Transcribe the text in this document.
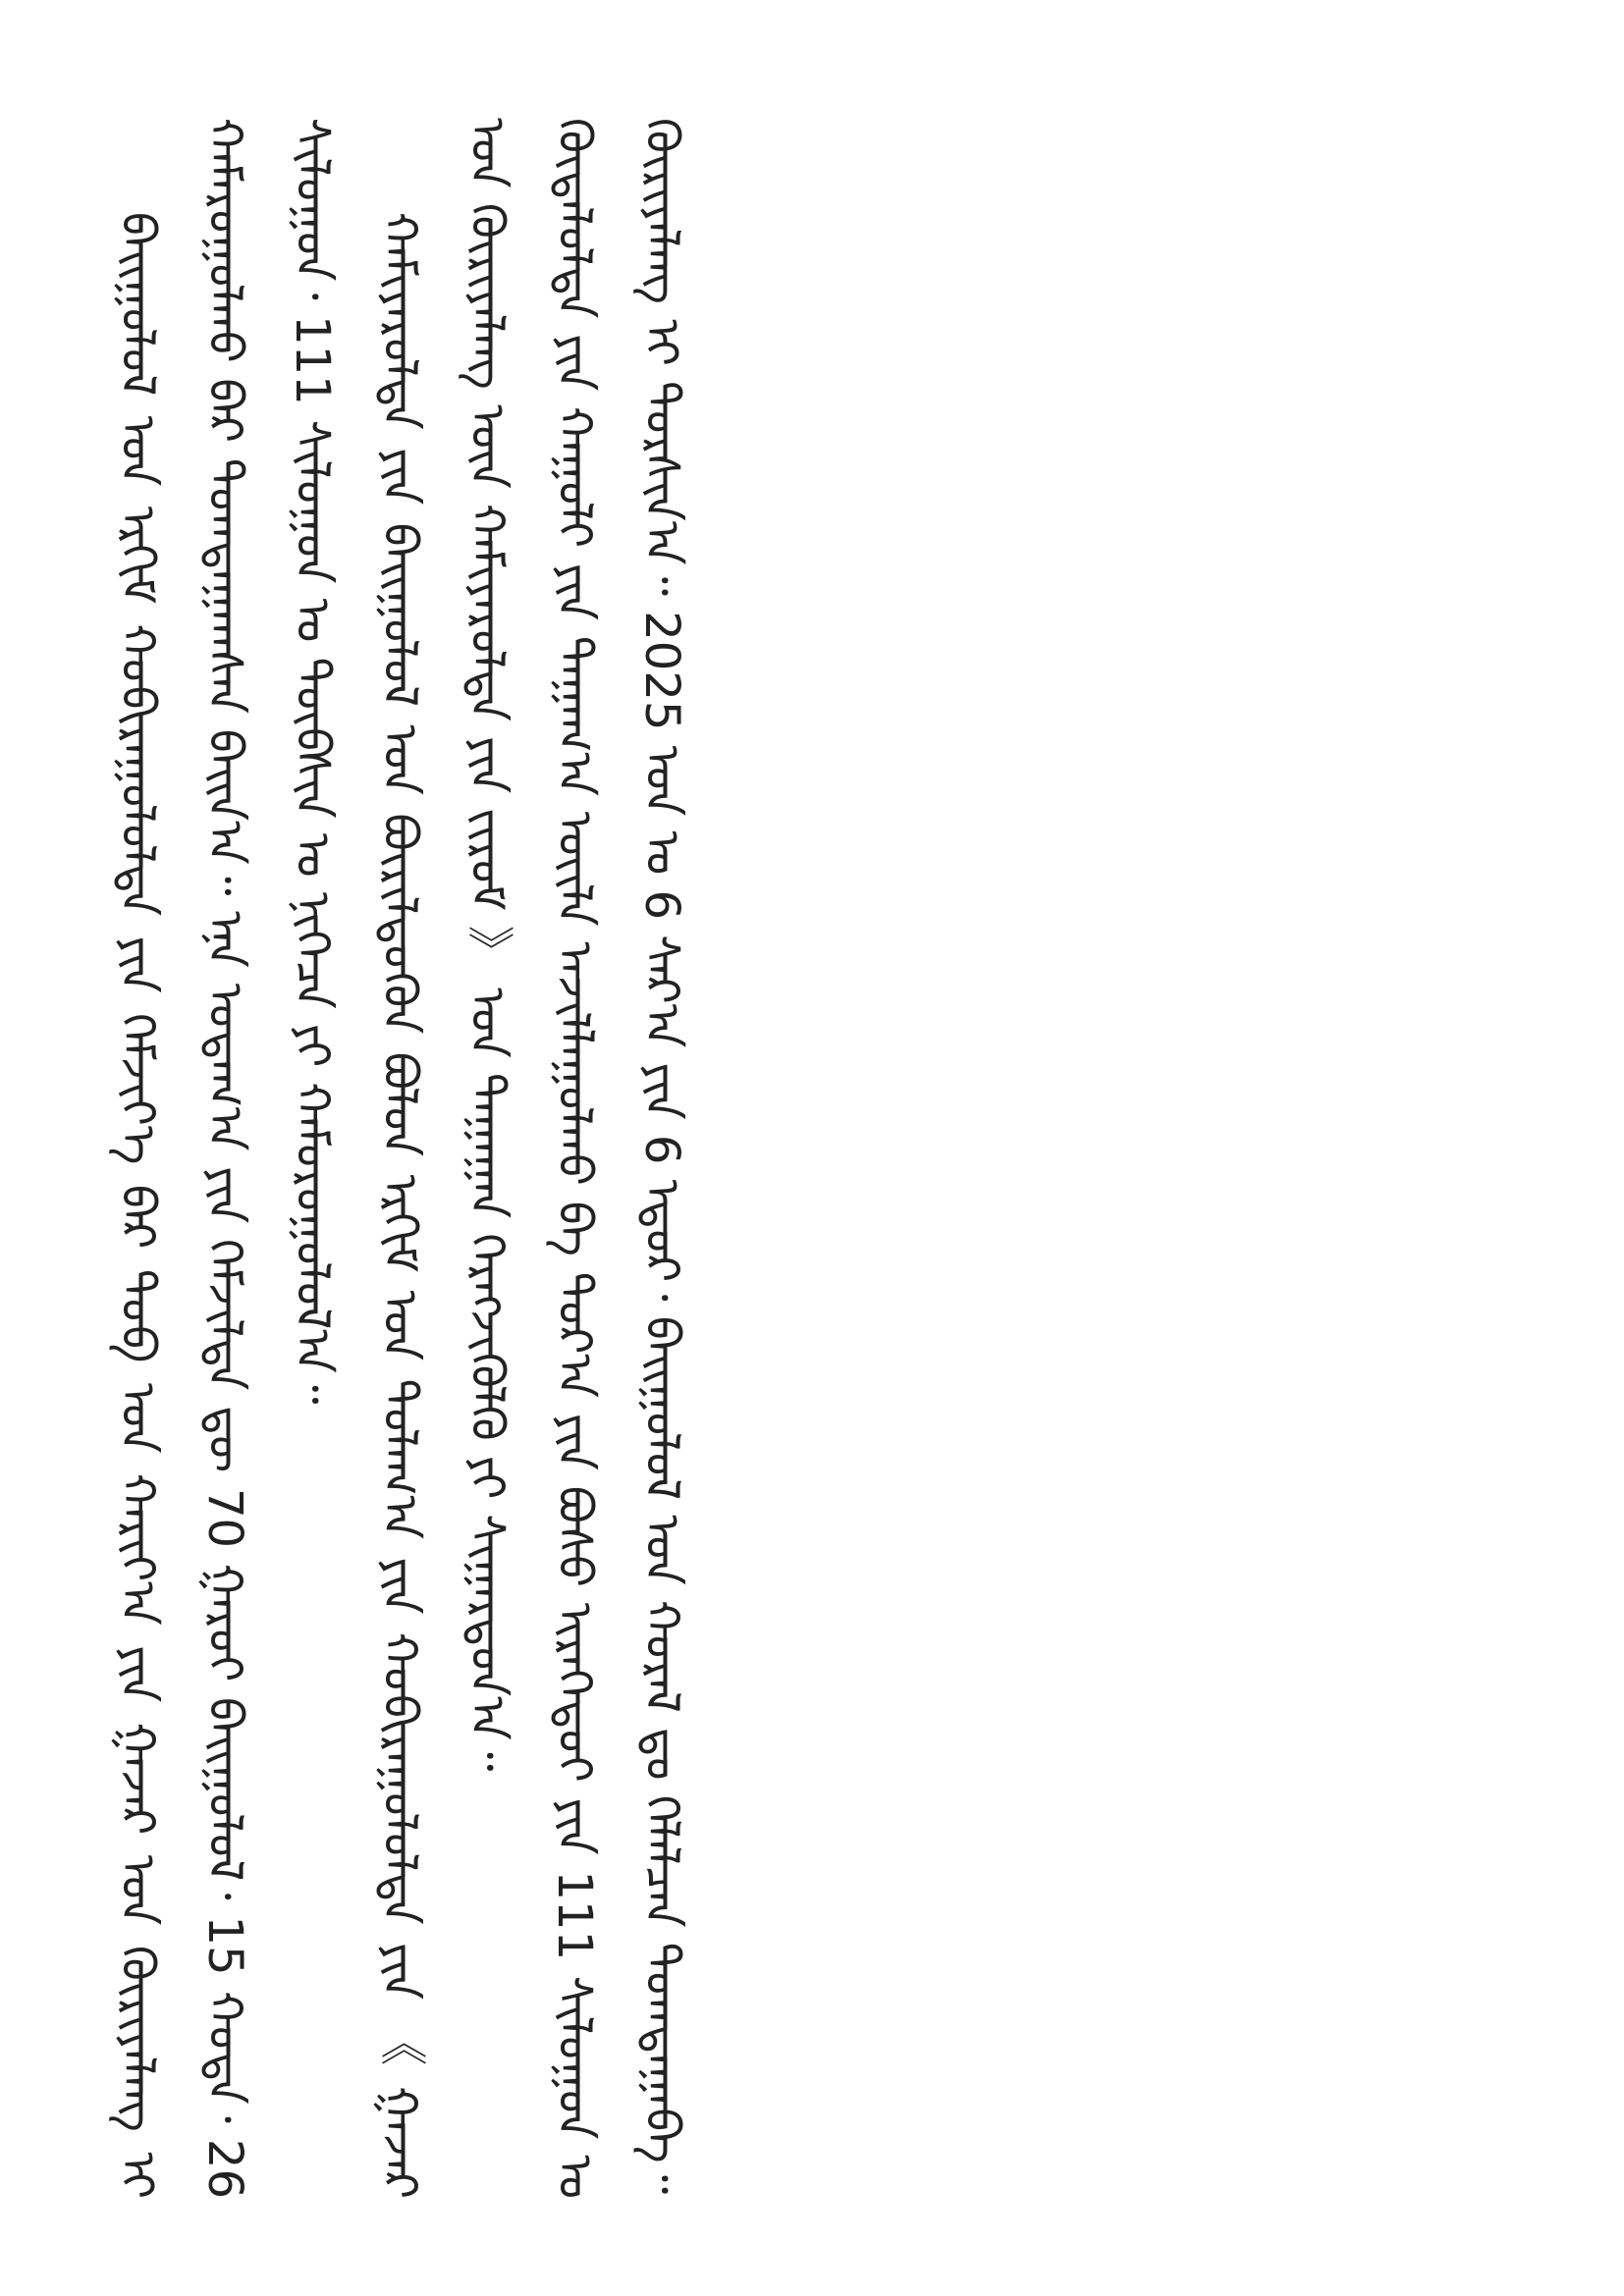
ᠪᠠᠢᠭᠤᠯᠤᠯ ᠤᠨ ᠡᠷᠭᠢᠮ ᠬᠤᠪᠢᠷᠠᠭᠤᠯᠤᠯᠲᠠ ᠶᠢᠨ ᠬᠡᠮᠵᠢᠶ᠎ᠡ ᠪᠡᠷ ᠲᠤᠪ ᠤᠨ ᠬᠠᠷᠢᠶ᠎ᠠ ᠶᠢᠨ ᠭᠠᠵᠠᠷ ᠤᠨ ᠬᠦᠷᠢᠶᠡᠯᠡᠩ ᠢ ᠬᠠᠮᠠᠷᠤᠭᠤᠯᠬᠤ ᠪᠠᠷ ᠲᠤᠭᠲᠠᠭᠠᠭᠰᠠᠨ ᠪᠠᠢᠨ᠎ᠠ᠃ ᠡᠨᠡ ᠤᠳᠠᠭ᠎ᠠ ᠶᠢᠨ ᠬᠡᠮᠵᠢᠯᠲᠡ ᠳᠦ 70 ᠭᠠᠷᠤᠢ ᠪᠠᠢᠭᠤᠯᠤᠯ᠂ 15 ᠬᠤᠲᠠ᠂ 26 ᠰᠢᠯᠤᠭᠤᠨ᠂ 111 ᠰᠢᠯᠤᠭᠤᠨ ᠤ ᠲᠦᠪᠰᠢᠨ ᠤ ᠨᠢᠭᠡᠴᠡ ᠶᠢ ᠬᠠᠮᠤᠷᠤᠭᠤᠯᠤᠯ᠎ᠠ᠃ ᠬᠠᠮᠢᠶᠠᠷᠤᠯᠲᠠ ᠶᠢᠨ ᠪᠠᠢᠭᠤᠯᠤᠯ ᠤᠨ ᠪᠦᠷᠢᠯᠳᠦᠭᠦᠨ ᠪᠣᠯᠤᠨ ᠡᠷᠭᠢᠮ ᠤᠨ ᠲᠤᠯᠠᠭ᠎ᠠ ᠶᠢᠨ ᠬᠤᠪᠢᠷᠠᠭᠤᠯᠤᠯᠲᠠ ᠶᠢᠨ 《 ᠭᠠᠵᠠᠷ ᠤᠨ ᠬᠦᠷᠢᠶᠡᠯᠡᠩ ᠦᠨ ᠬᠠᠮᠢᠶᠠᠷᠤᠯᠲᠠ ᠶᠢᠨ ᠵᠢᠷᠤᠮ 》 ᠤᠨ ᠳᠠᠭᠠᠭᠠᠨ ᠬᠡᠷᠡᠭᠵᠢᠭᠦᠯᠬᠦ ᠶᠢ ᠰᠢᠭᠠᠷᠳᠤᠨ᠎ᠠ᠃ ᠬᠦᠳᠡᠯᠦᠯᠲᠡ ᠶᠢᠨ ᠬᠠᠭᠤᠯᠢ ᠶᠢᠨ ᠳᠠᠭᠠᠭ᠎ᠠ ᠦᠢᠯᠡ ᠠᠵᠢᠯᠯᠠᠭᠤᠯᠬᠤ ᠪᠠ ᠳᠤᠷ᠎ᠠ ᠶᠢᠨ ᠪᠤᠰᠤ ᠢᠷᠡᠭᠡᠳᠦᠢ ᠶᠢᠨ 111 ᠰᠢᠯᠤᠭᠤᠨ ᠤ ᠬᠦᠷᠢᠶᠡᠯᠡᠩ ᠢ ᠲᠤᠷᠰᠢᠨ᠎ᠠ᠃ 2025 ᠣᠨ ᠤ 6 ᠰᠠᠷ᠎ᠠ ᠶᠢᠨ 6 ᠡᠳᠦᠷ᠂ ᠪᠠᠢᠭᠤᠯᠤᠯ ᠤᠨ ᠬᠤᠷᠠᠯ ᠳᠤ ᠬᠡᠯᠡᠯᠴᠡᠨ ᠲᠤᠭᠲᠠᠭᠠᠪᠠ᠃
